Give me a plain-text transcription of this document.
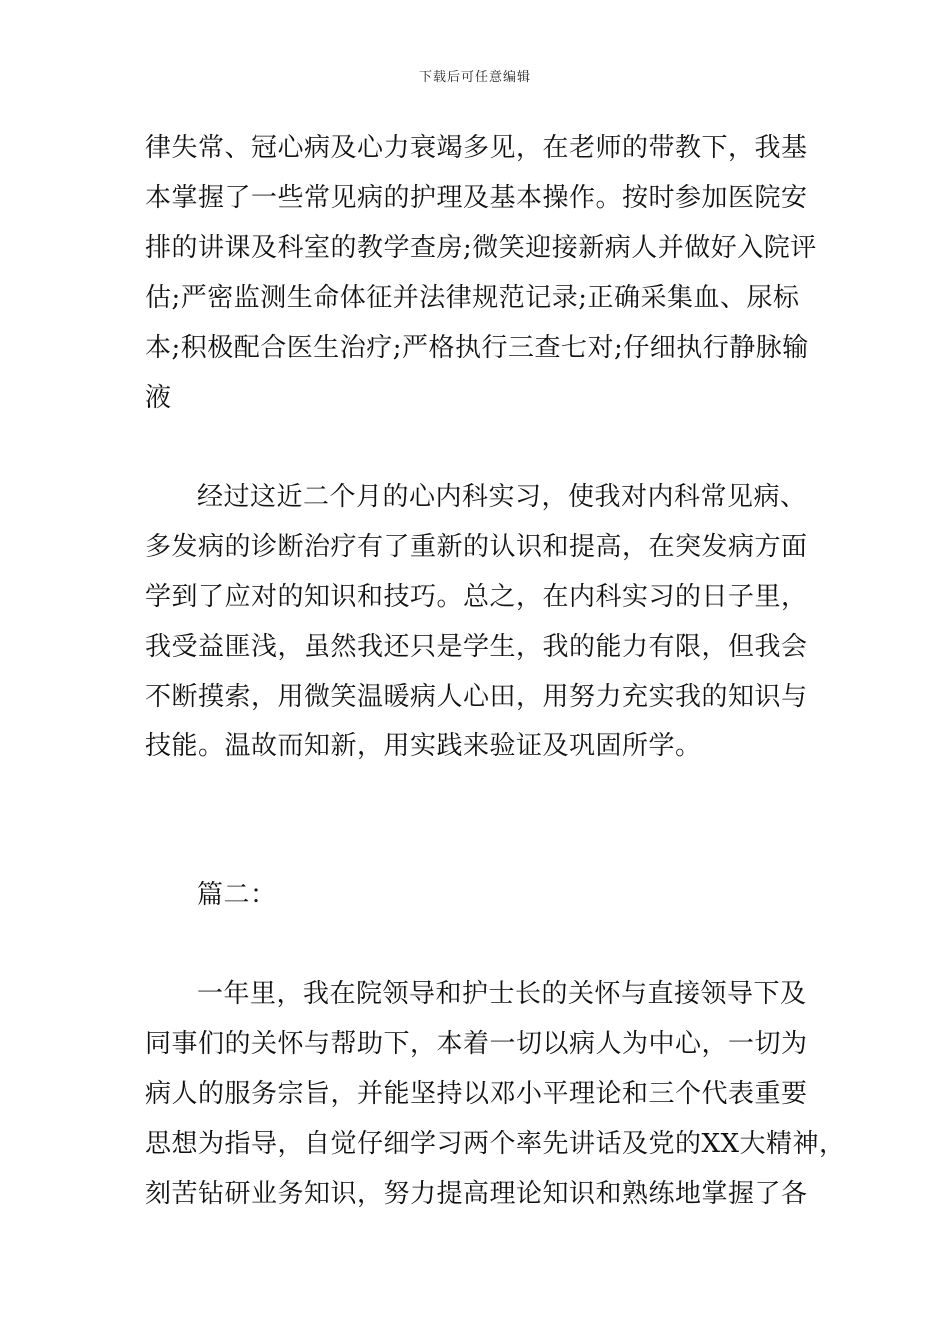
下载后可任意编辑
律失常、冠心病及心力衰竭多见，在老师的带教下，我基
本掌握了一些常见病的护理及基本操作。按时参加医院安
排的讲课及科室的教学查房;微笑迎接新病人并做好入院评
估;严密监测生命体征并法律规范记录;正确采集血、尿标
本;积极配合医生治疗;严格执行三查七对;仔细执行静脉输
液
经过这近二个月的心内科实习，使我对内科常见病、
多发病的诊断治疗有了重新的认识和提高，在突发病方面
学到了应对的知识和技巧。总之，在内科实习的日子里，
我受益匪浅，虽然我还只是学生，我的能力有限，但我会
不断摸索，用微笑温暖病人心田，用努力充实我的知识与
技能。温故而知新，用实践来验证及巩固所学。
篇二：
一年里，我在院领导和护士长的关怀与直接领导下及
同事们的关怀与帮助下，本着一切以病人为中心，一切为
病人的服务宗旨，并能坚持以邓小平理论和三个代表重要
思想为指导，自觉仔细学习两个率先讲话及党的XX大精神，
刻苦钻研业务知识，努力提高理论知识和熟练地掌握了各
